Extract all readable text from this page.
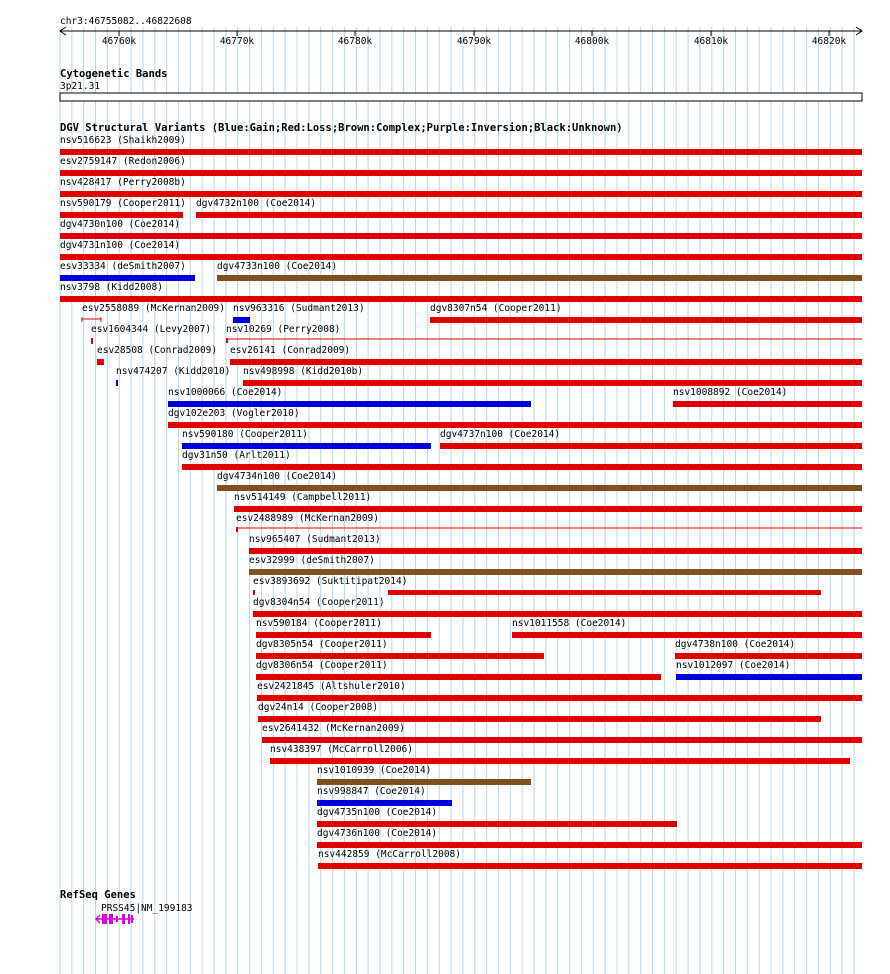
chr3:46755082..46822608
46760k	46770k	46780k	46790k	46800k	46810k	46820k
Cytogenetic Bands
3p21.31
DGV Structural Variants (Blue:Gain;Red:Loss;Brown:Complex;Purple:Inversion;Black:Unknown)
nsv516623 (Shaikh2009)
esv2759147 (Redon2006)
nsv428417 (Perry2008b)
nsv590179 (Cooper2011) dgv4732n100 (Coe2014)
dgv4730n100 (Coe2014)
dgv4731n100 (Coe2014)
esv33334 (deSmith2007)	dgv4733n100 (Coe2014)
nsv3798 (Kidd2008)
esv2558089 (McKernan2009) nsv963316 (Sudmant2013)	dgv8307n54 (Cooper2011)
esv1604344 (Levy2007) nsv10269 (Perry2008)
esv28508 (Conrad2009) esv26141 (Conrad2009)
nsv474207 (Kidd2010) nsv498998 (Kidd2010b)
nsv1000066 (Coe2014)	nsv1008892 (Coe2014)
dgv102e203 (Vogler2010)
nsv590180 (Cooper2011)	dgv4737n100 (Coe2014)
dgv31n50 (Arlt2011)
dgv4734n100 (Coe2014)
nsv514149 (Campbell2011)
esv2488989 (McKernan2009)
nsv965407 (Sudmant2013)
esv32999 (deSmith2007)
esv3893692 (Suktitipat2014)
dgv8304n54 (Cooper2011)
nsv590184 (Cooper2011)	nsv1011558 (Coe2014)
dgv8305n54 (Cooper2011)	dgv4738n100 (Coe2014)
dgv8306n54 (Cooper2011)	nsv1012097 (Coe2014)
esv2421845 (Altshuler2010)
dgv24n14 (Cooper2008)
esv2641432 (McKernan2009)
nsv438397 (McCarroll2006)
nsv1010939 (Coe2014)
nsv998847 (Coe2014)
dgv4735n100 (Coe2014)
dgv4736n100 (Coe2014)
nsv442859 (McCarroll2008)
RefSeq Genes
PRSS45|NM_199183
